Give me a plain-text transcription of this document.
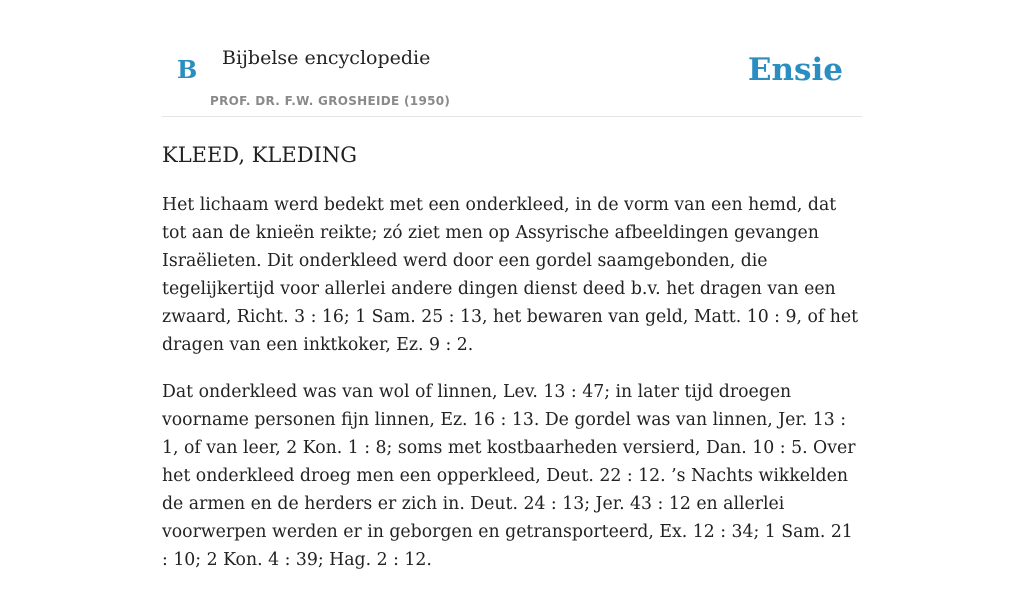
B Bijbelse encyclopedie
PROF. DR. F.W. GROSHEIDE (1950)
Ensie
KLEED, KLEDING

Het lichaam werd bedekt met een onderkleed, in de vorm van een hemd, dat tot aan de knieën reikte; zó ziet men op Assyrische afbeeldingen gevangen Israëlieten. Dit onderkleed werd door een gordel saamgebonden, die tegelijkertijd voor allerlei andere dingen dienst deed b.v. het dragen van een zwaard, Richt. 3 : 16; 1 Sam. 25 : 13, het bewaren van geld, Matt. 10 : 9, of het dragen van een inktkoker, Ez. 9 : 2.

Dat onderkleed was van wol of linnen, Lev. 13 : 47; in later tijd droegen voorname personen fijn linnen, Ez. 16 : 13. De gordel was van linnen, Jer. 13 : 1, of van leer, 2 Kon. 1 : 8; soms met kostbaarheden versierd, Dan. 10 : 5. Over het onderkleed droeg men een opperkleed, Deut. 22 : 12. ’s Nachts wikkelden de armen en de herders er zich in. Deut. 24 : 13; Jer. 43 : 12 en allerlei voorwerpen werden er in geborgen en getransporteerd, Ex. 12 : 34; 1 Sam. 21 : 10; 2 Kon. 4 : 39; Hag. 2 : 12.
